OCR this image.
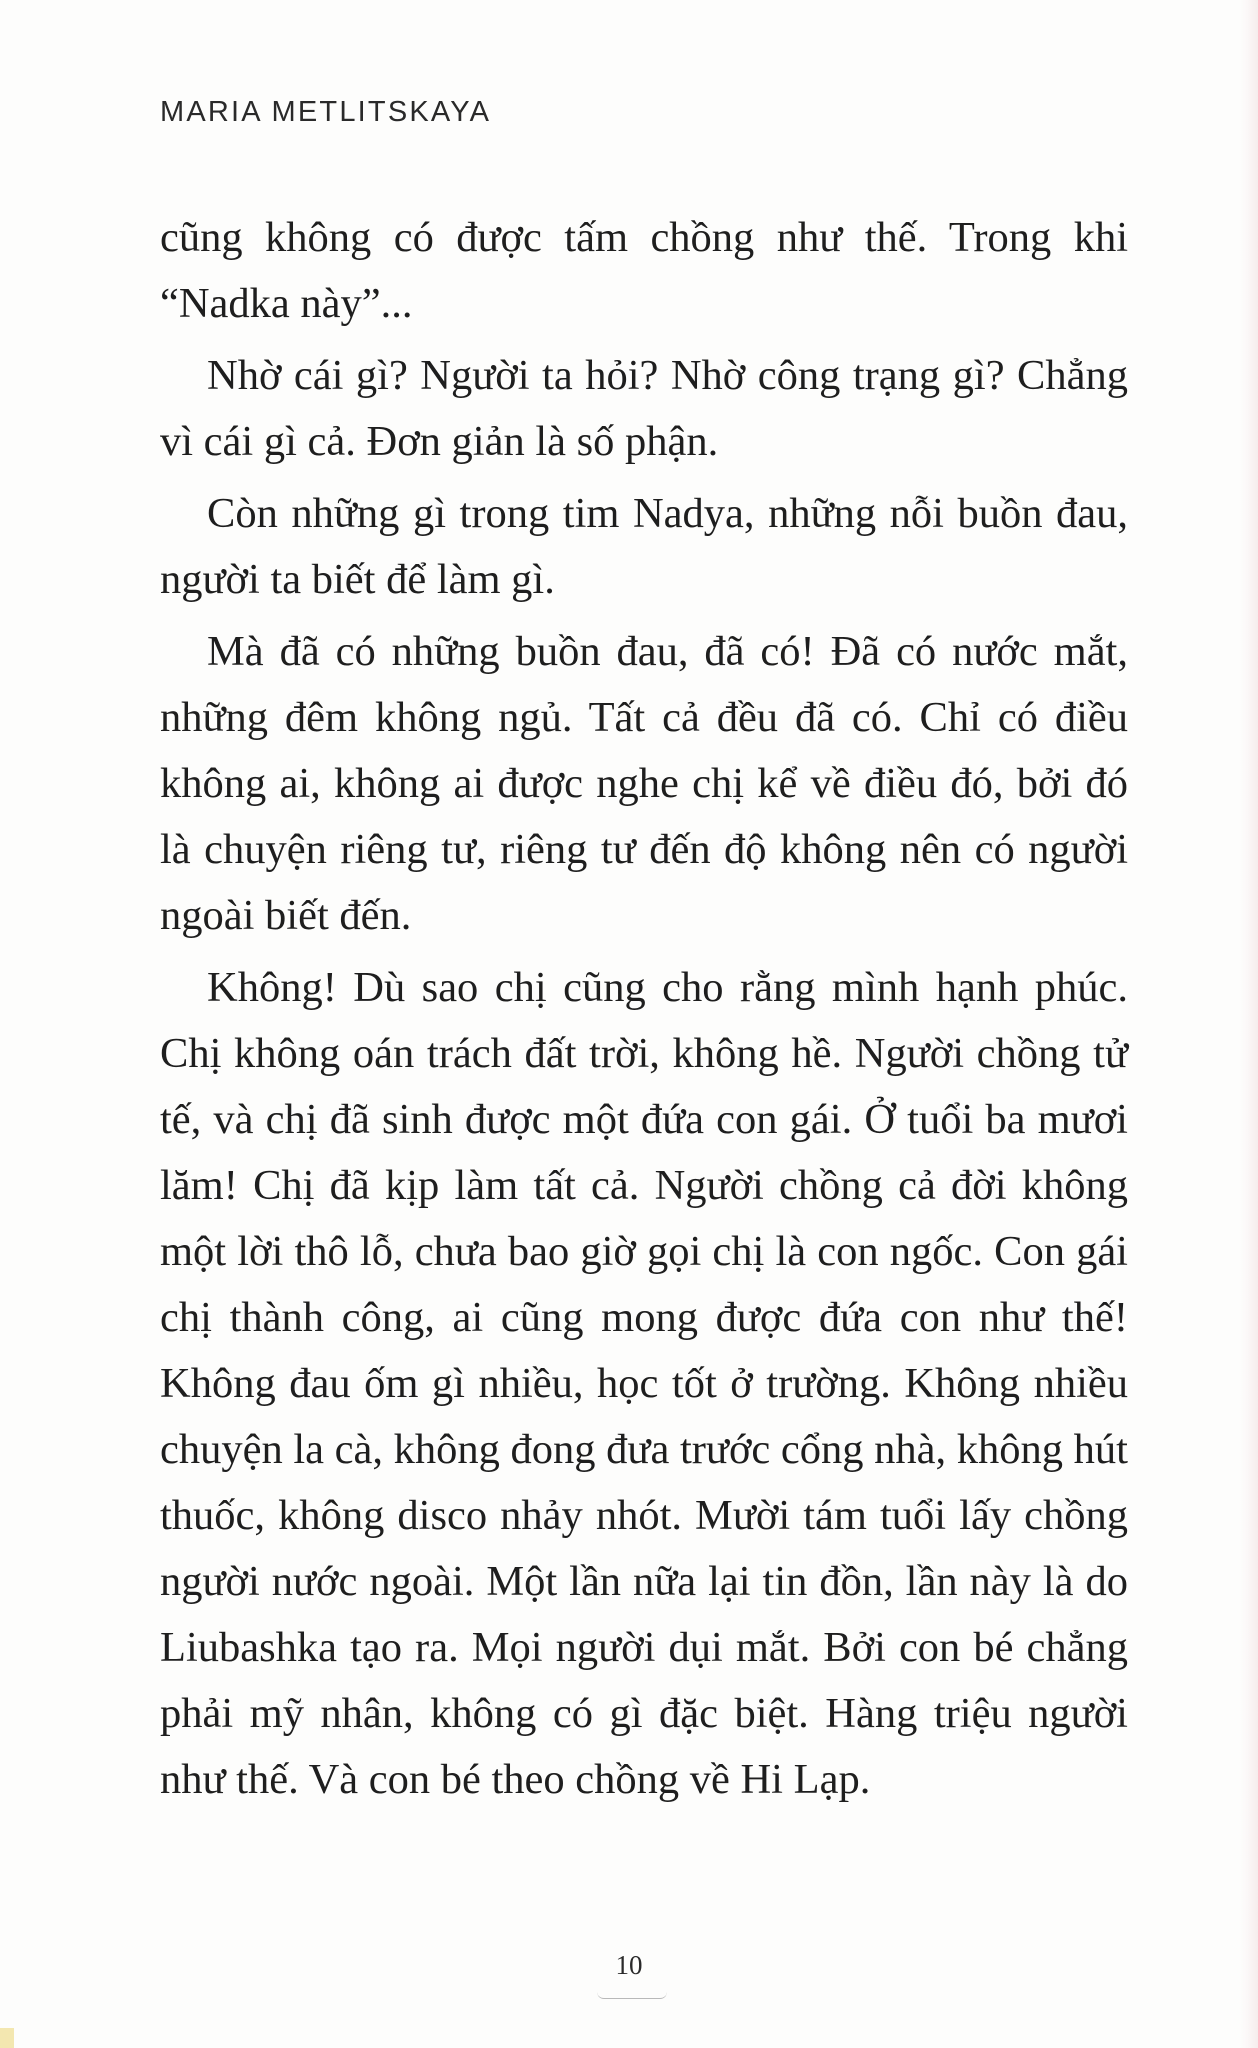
MARIA METLITSKAYA

cũng không có được tấm chồng như thế. Trong khi “Nadka này”...

Nhờ cái gì? Người ta hỏi? Nhờ công trạng gì? Chẳng vì cái gì cả. Đơn giản là số phận.

Còn những gì trong tim Nadya, những nỗi buồn đau, người ta biết để làm gì.

Mà đã có những buồn đau, đã có! Đã có nước mắt, những đêm không ngủ. Tất cả đều đã có. Chỉ có điều không ai, không ai được nghe chị kể về điều đó, bởi đó là chuyện riêng tư, riêng tư đến độ không nên có người ngoài biết đến.

Không! Dù sao chị cũng cho rằng mình hạnh phúc. Chị không oán trách đất trời, không hề. Người chồng tử tế, và chị đã sinh được một đứa con gái. Ở tuổi ba mươi lăm! Chị đã kịp làm tất cả. Người chồng cả đời không một lời thô lỗ, chưa bao giờ gọi chị là con ngốc. Con gái chị thành công, ai cũng mong được đứa con như thế! Không đau ốm gì nhiều, học tốt ở trường. Không nhiều chuyện la cà, không đong đưa trước cổng nhà, không hút thuốc, không disco nhảy nhót. Mười tám tuổi lấy chồng người nước ngoài. Một lần nữa lại tin đồn, lần này là do Liubashka tạo ra. Mọi người dụi mắt. Bởi con bé chẳng phải mỹ nhân, không có gì đặc biệt. Hàng triệu người như thế. Và con bé theo chồng về Hi Lạp.

10
